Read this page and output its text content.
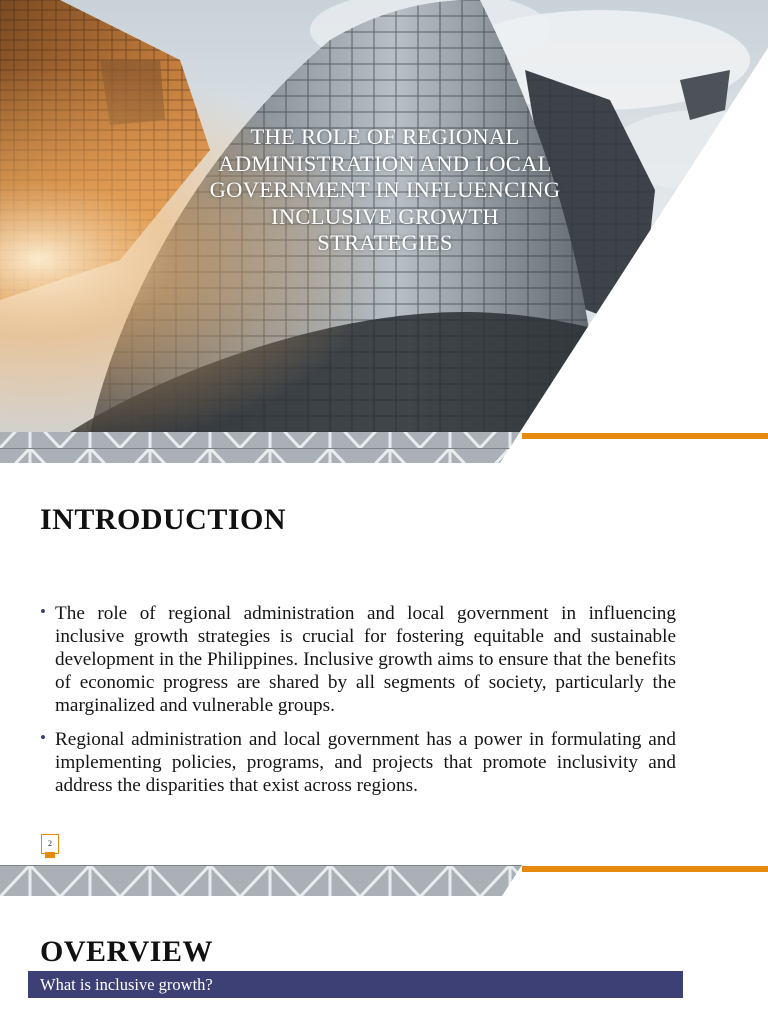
THE ROLE OF REGIONAL ADMINISTRATION AND LOCAL GOVERNMENT IN INFLUENCING INCLUSIVE GROWTH STRATEGIES
INTRODUCTION
• The role of regional administration and local government in influencing inclusive growth strategies is crucial for fostering equitable and sustainable development in the Philippines. Inclusive growth aims to ensure that the benefits of economic progress are shared by all segments of society, particularly the marginalized and vulnerable groups.
• Regional administration and local government has a power in formulating and implementing policies, programs, and projects that promote inclusivity and address the disparities that exist across regions.
2
OVERVIEW
What is inclusive growth?
